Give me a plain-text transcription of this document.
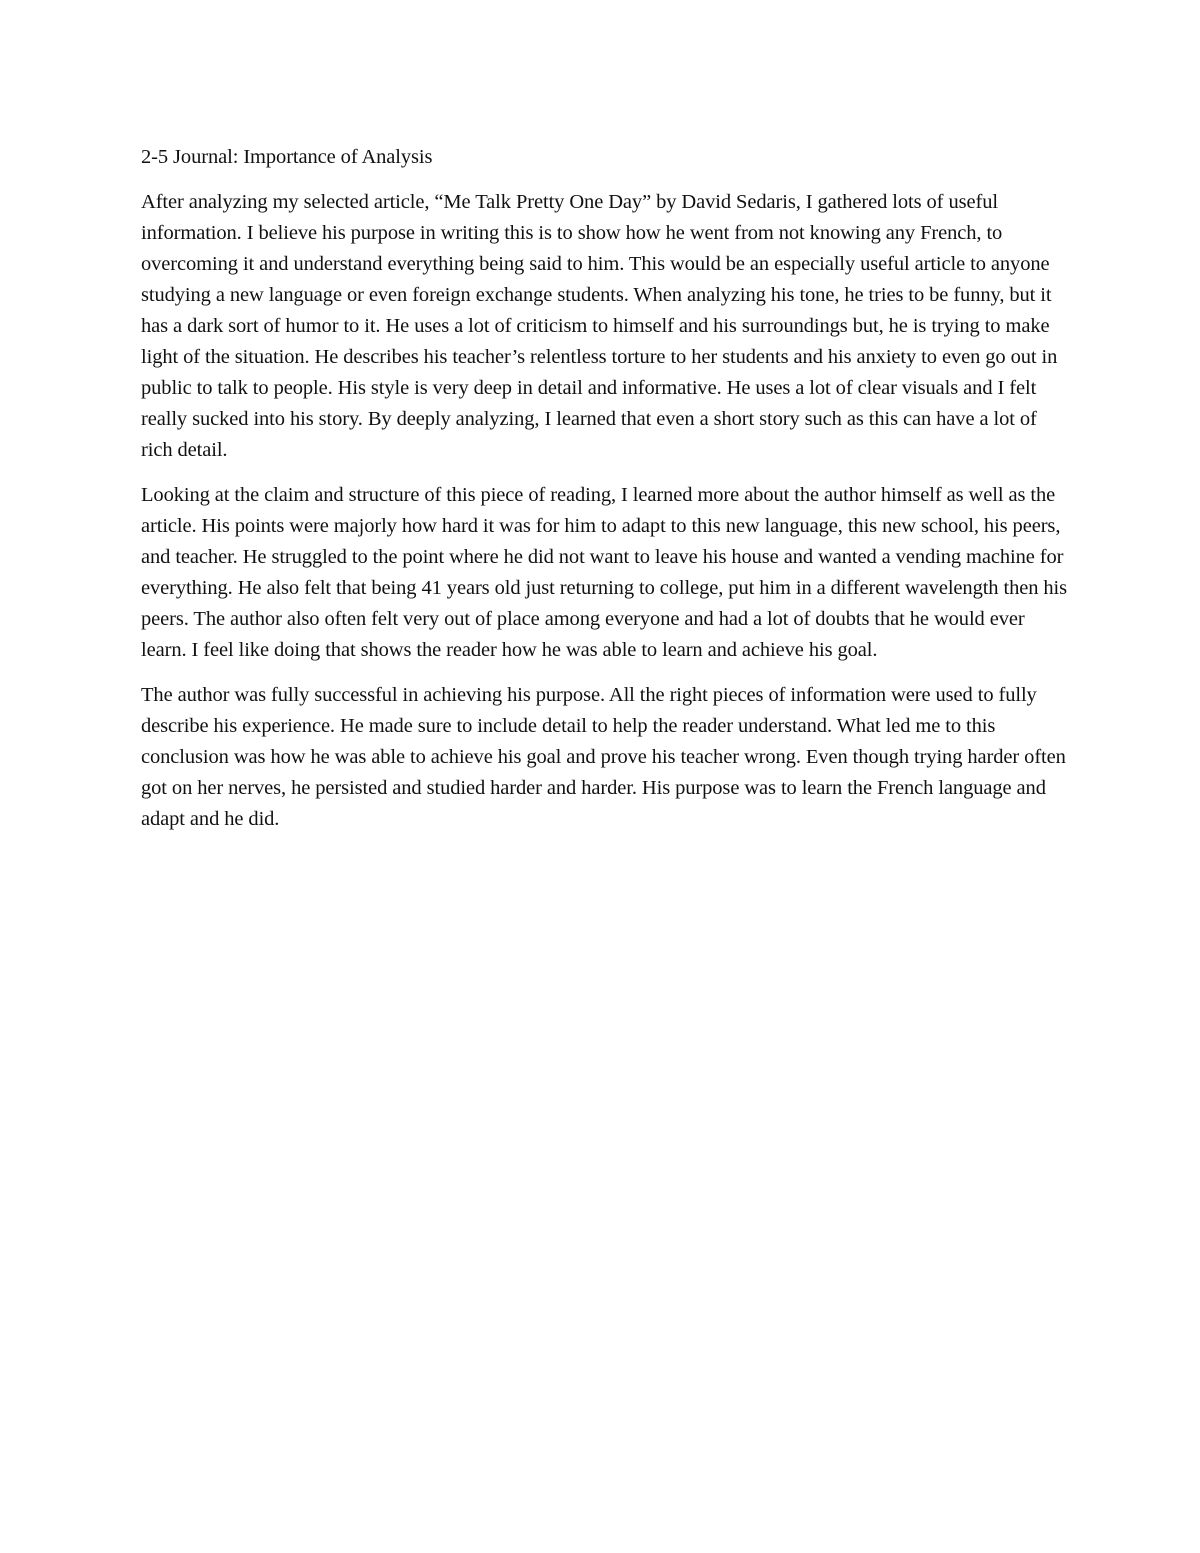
2-5 Journal: Importance of Analysis

After analyzing my selected article, “Me Talk Pretty One Day” by David Sedaris, I gathered lots of useful information. I believe his purpose in writing this is to show how he went from not knowing any French, to overcoming it and understand everything being said to him. This would be an especially useful article to anyone studying a new language or even foreign exchange students. When analyzing his tone, he tries to be funny, but it has a dark sort of humor to it. He uses a lot of criticism to himself and his surroundings but, he is trying to make light of the situation. He describes his teacher’s relentless torture to her students and his anxiety to even go out in public to talk to people. His style is very deep in detail and informative. He uses a lot of clear visuals and I felt really sucked into his story. By deeply analyzing, I learned that even a short story such as this can have a lot of rich detail.

Looking at the claim and structure of this piece of reading, I learned more about the author himself as well as the article. His points were majorly how hard it was for him to adapt to this new language, this new school, his peers, and teacher. He struggled to the point where he did not want to leave his house and wanted a vending machine for everything. He also felt that being 41 years old just returning to college, put him in a different wavelength then his peers. The author also often felt very out of place among everyone and had a lot of doubts that he would ever learn. I feel like doing that shows the reader how he was able to learn and achieve his goal.

The author was fully successful in achieving his purpose. All the right pieces of information were used to fully describe his experience. He made sure to include detail to help the reader understand. What led me to this conclusion was how he was able to achieve his goal and prove his teacher wrong. Even though trying harder often got on her nerves, he persisted and studied harder and harder. His purpose was to learn the French language and adapt and he did.
